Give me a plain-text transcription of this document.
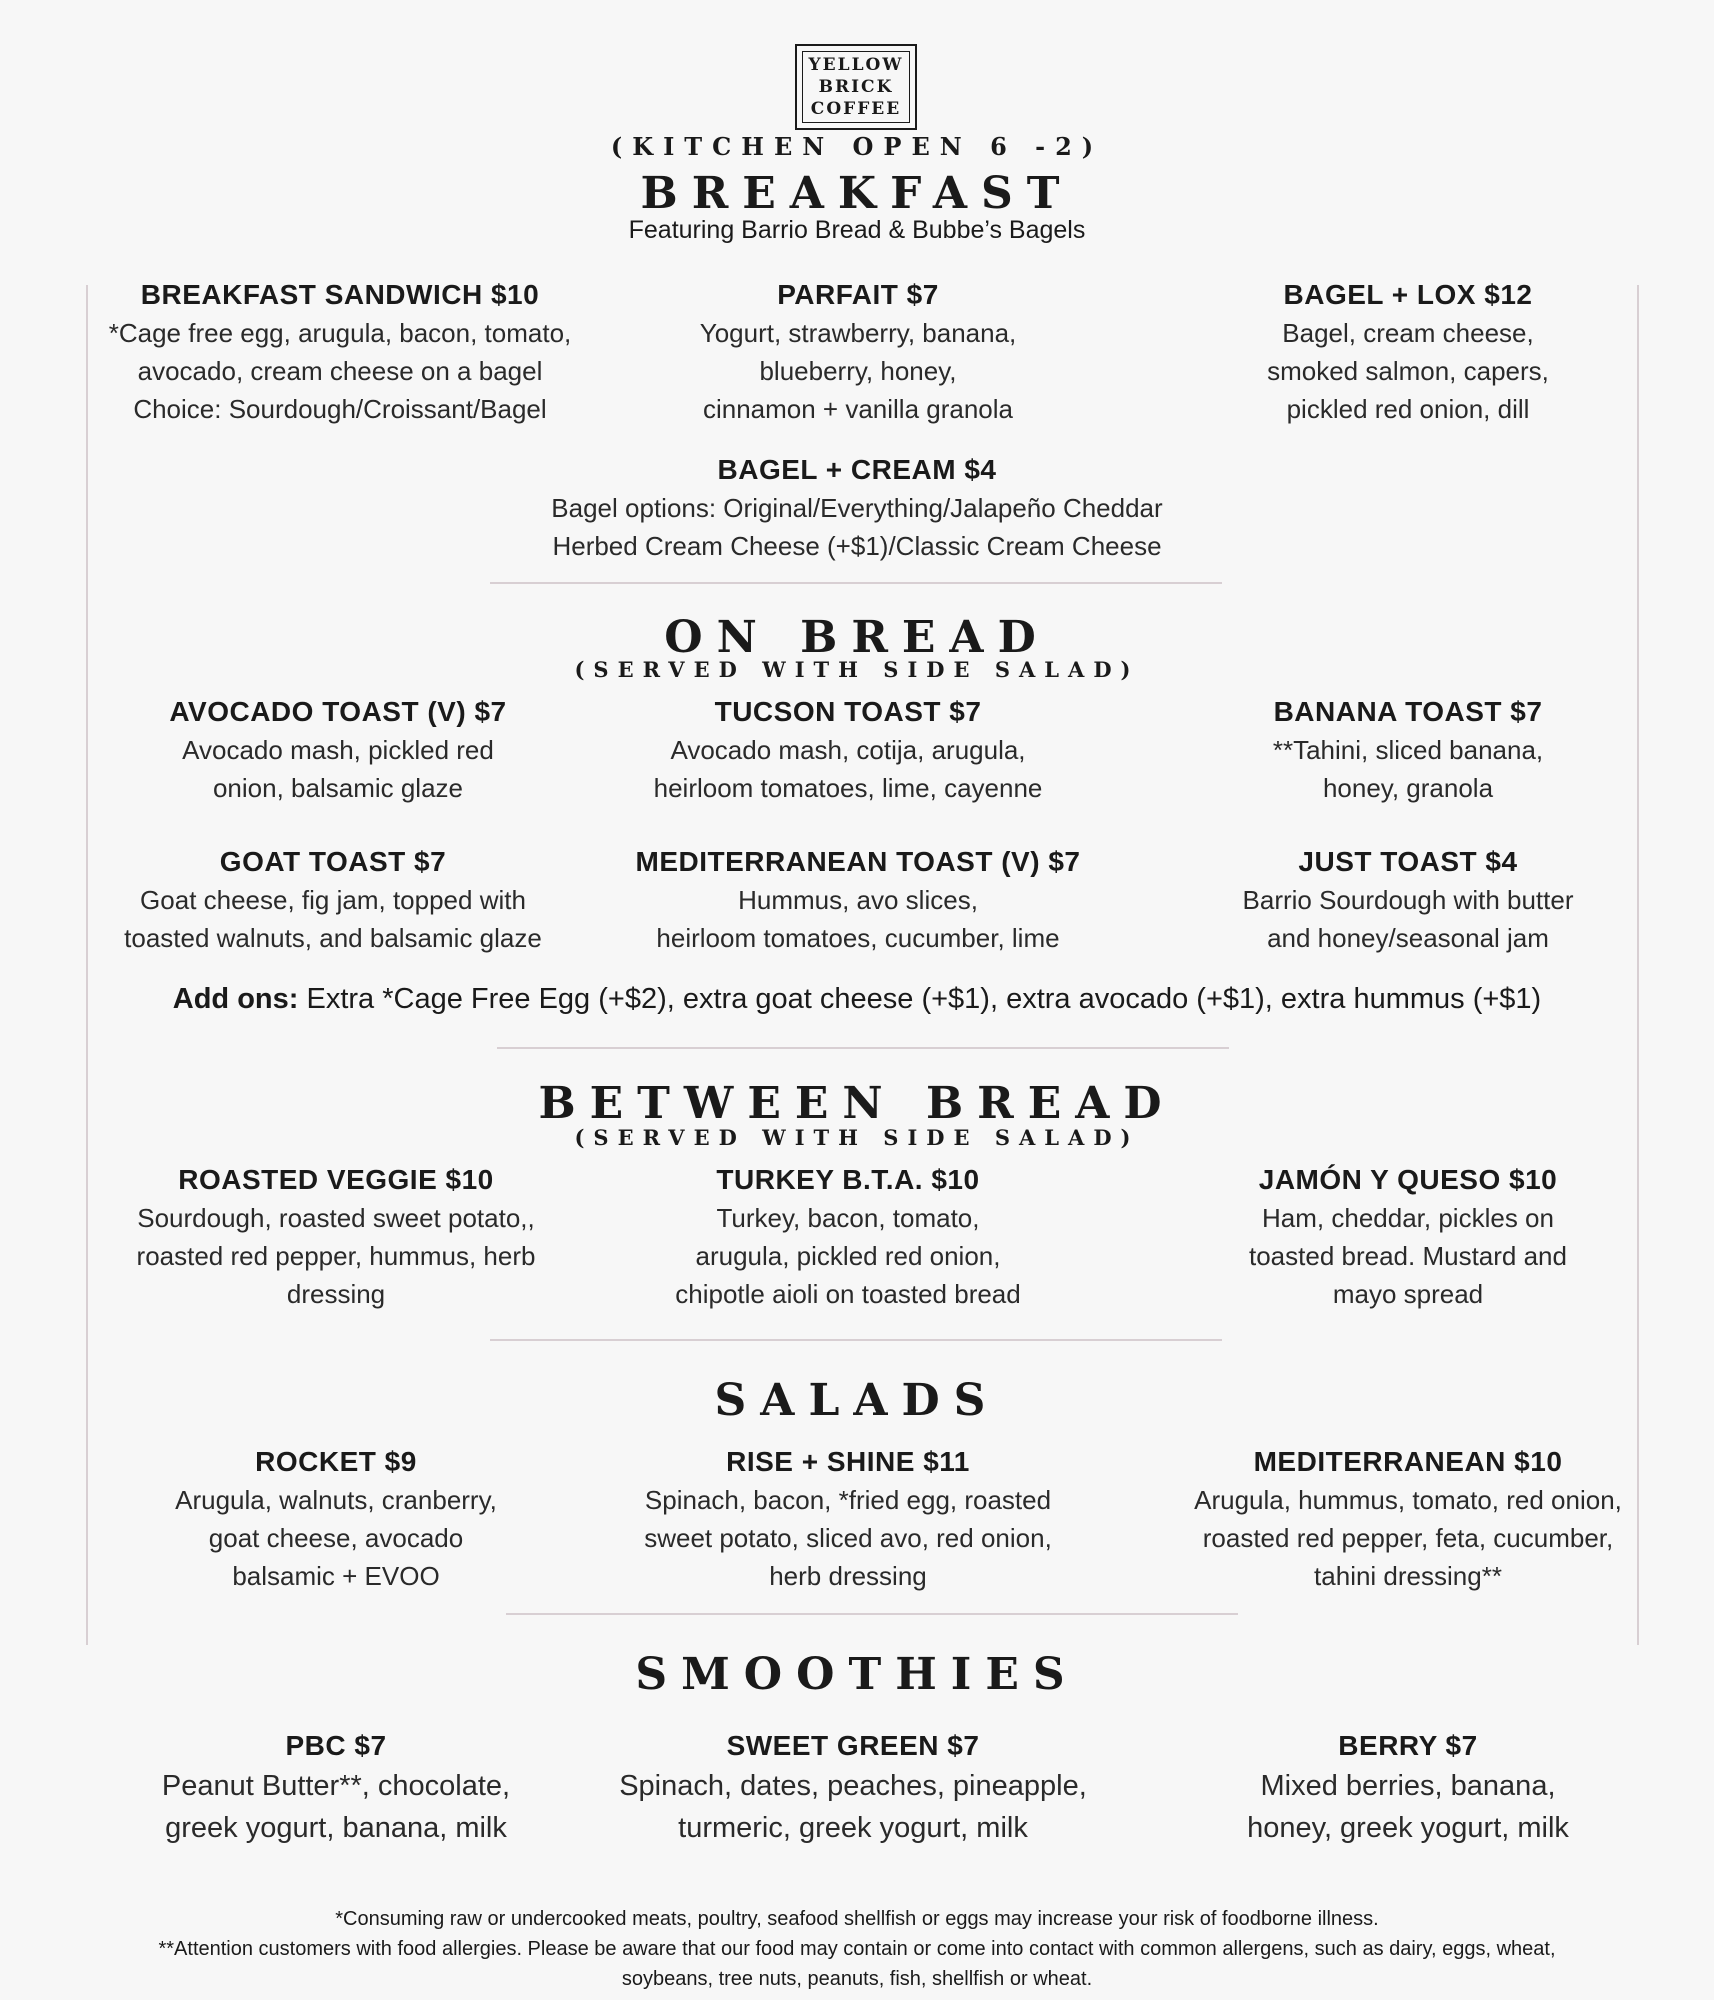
YELLOW
BRICK
COFFEE
(KITCHEN OPEN 6 -2)
BREAKFAST
Featuring Barrio Bread & Bubbe’s Bagels
BREAKFAST SANDWICH $10
*Cage free egg, arugula, bacon, tomato,
avocado, cream cheese on a bagel
Choice: Sourdough/Croissant/Bagel
PARFAIT $7
Yogurt, strawberry, banana,
blueberry, honey,
cinnamon + vanilla granola
BAGEL + LOX $12
Bagel, cream cheese,
smoked salmon, capers,
pickled red onion, dill
BAGEL + CREAM $4
Bagel options: Original/Everything/Jalapeño Cheddar
Herbed Cream Cheese (+$1)/Classic Cream Cheese
ON BREAD
(SERVED WITH SIDE SALAD)
AVOCADO TOAST (V) $7
Avocado mash, pickled red
onion, balsamic glaze
TUCSON TOAST $7
Avocado mash, cotija, arugula,
heirloom tomatoes, lime, cayenne
BANANA TOAST $7
**Tahini, sliced banana,
honey, granola
GOAT TOAST $7
Goat cheese, fig jam, topped with
toasted walnuts, and balsamic glaze
MEDITERRANEAN TOAST (V) $7
Hummus, avo slices,
heirloom tomatoes, cucumber, lime
JUST TOAST $4
Barrio Sourdough with butter
and honey/seasonal jam
Add ons: Extra *Cage Free Egg (+$2), extra goat cheese (+$1), extra avocado (+$1), extra hummus (+$1)
BETWEEN BREAD
(SERVED WITH SIDE SALAD)
ROASTED VEGGIE $10
Sourdough, roasted sweet potato,,
roasted red pepper, hummus, herb
dressing
TURKEY B.T.A. $10
Turkey, bacon, tomato,
arugula, pickled red onion,
chipotle aioli on toasted bread
JAMÓN Y QUESO $10
Ham, cheddar, pickles on
toasted bread. Mustard and
mayo spread
SALADS
ROCKET $9
Arugula, walnuts, cranberry,
goat cheese, avocado
balsamic + EVOO
RISE + SHINE $11
Spinach, bacon, *fried egg, roasted
sweet potato, sliced avo, red onion,
herb dressing
MEDITERRANEAN $10
Arugula, hummus, tomato, red onion,
roasted red pepper, feta, cucumber,
tahini dressing**
SMOOTHIES
PBC $7
Peanut Butter**, chocolate,
greek yogurt, banana, milk
SWEET GREEN $7
Spinach, dates, peaches, pineapple,
turmeric, greek yogurt, milk
BERRY $7
Mixed berries, banana,
honey, greek yogurt, milk
*Consuming raw or undercooked meats, poultry, seafood shellfish or eggs may increase your risk of foodborne illness.
**Attention customers with food allergies. Please be aware that our food may contain or come into contact with common allergens, such as dairy, eggs, wheat,
soybeans, tree nuts, peanuts, fish, shellfish or wheat.
